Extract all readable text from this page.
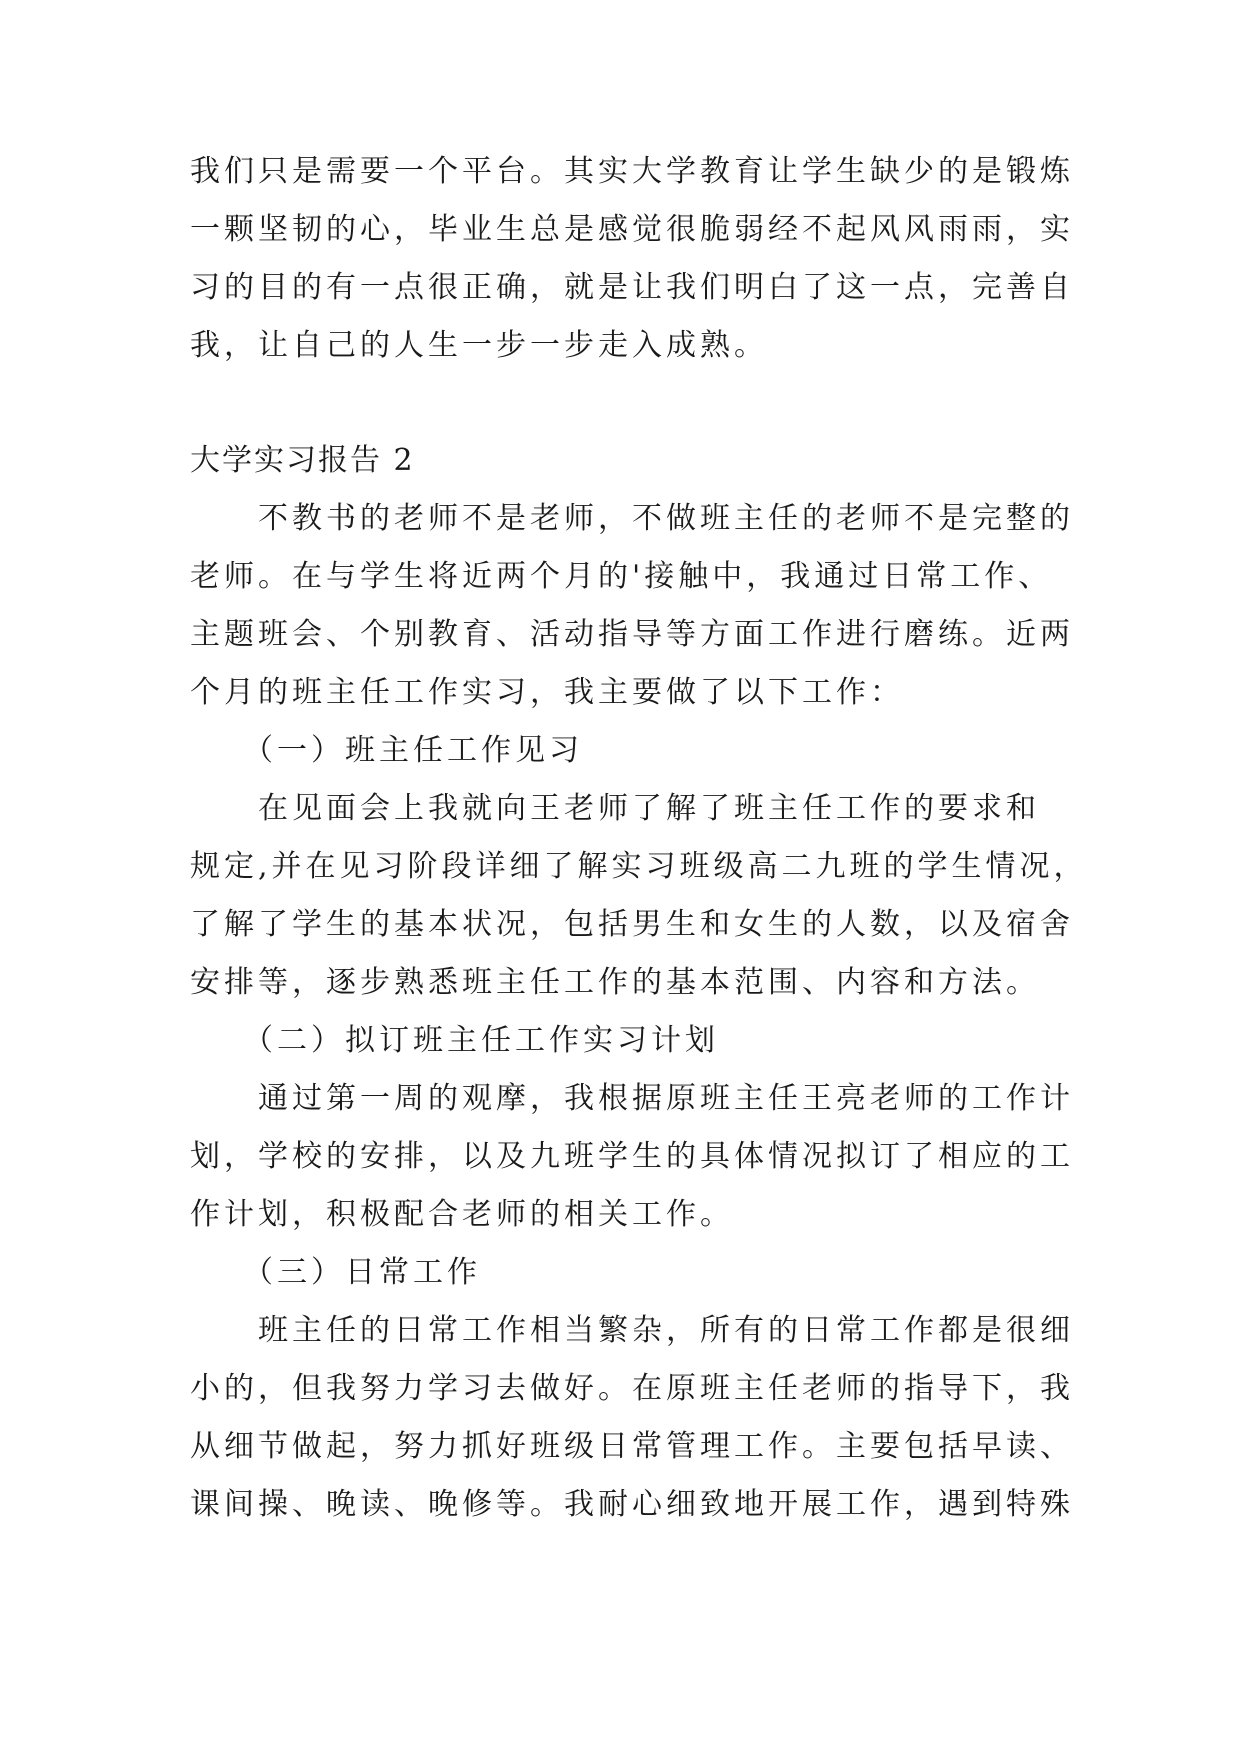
我们只是需要一个平台。其实大学教育让学生缺少的是锻炼
一颗坚韧的心，毕业生总是感觉很脆弱经不起风风雨雨，实
习的目的有一点很正确，就是让我们明白了这一点，完善自
我，让自己的人生一步一步走入成熟。
大学实习报告 2
　　不教书的老师不是老师，不做班主任的老师不是完整的
老师。在与学生将近两个月的'接触中，我通过日常工作、
主题班会、个别教育、活动指导等方面工作进行磨练。近两
个月的班主任工作实习，我主要做了以下工作：
　　（一）班主任工作见习
　　在见面会上我就向王老师了解了班主任工作的要求和
规定,并在见习阶段详细了解实习班级高二九班的学生情况，
了解了学生的基本状况，包括男生和女生的人数，以及宿舍
安排等，逐步熟悉班主任工作的基本范围、内容和方法。
　　（二）拟订班主任工作实习计划
　　通过第一周的观摩，我根据原班主任王亮老师的工作计
划，学校的安排，以及九班学生的具体情况拟订了相应的工
作计划，积极配合老师的相关工作。
　　（三）日常工作
　　班主任的日常工作相当繁杂，所有的日常工作都是很细
小的，但我努力学习去做好。在原班主任老师的指导下，我
从细节做起，努力抓好班级日常管理工作。主要包括早读、
课间操、晚读、晚修等。我耐心细致地开展工作，遇到特殊
